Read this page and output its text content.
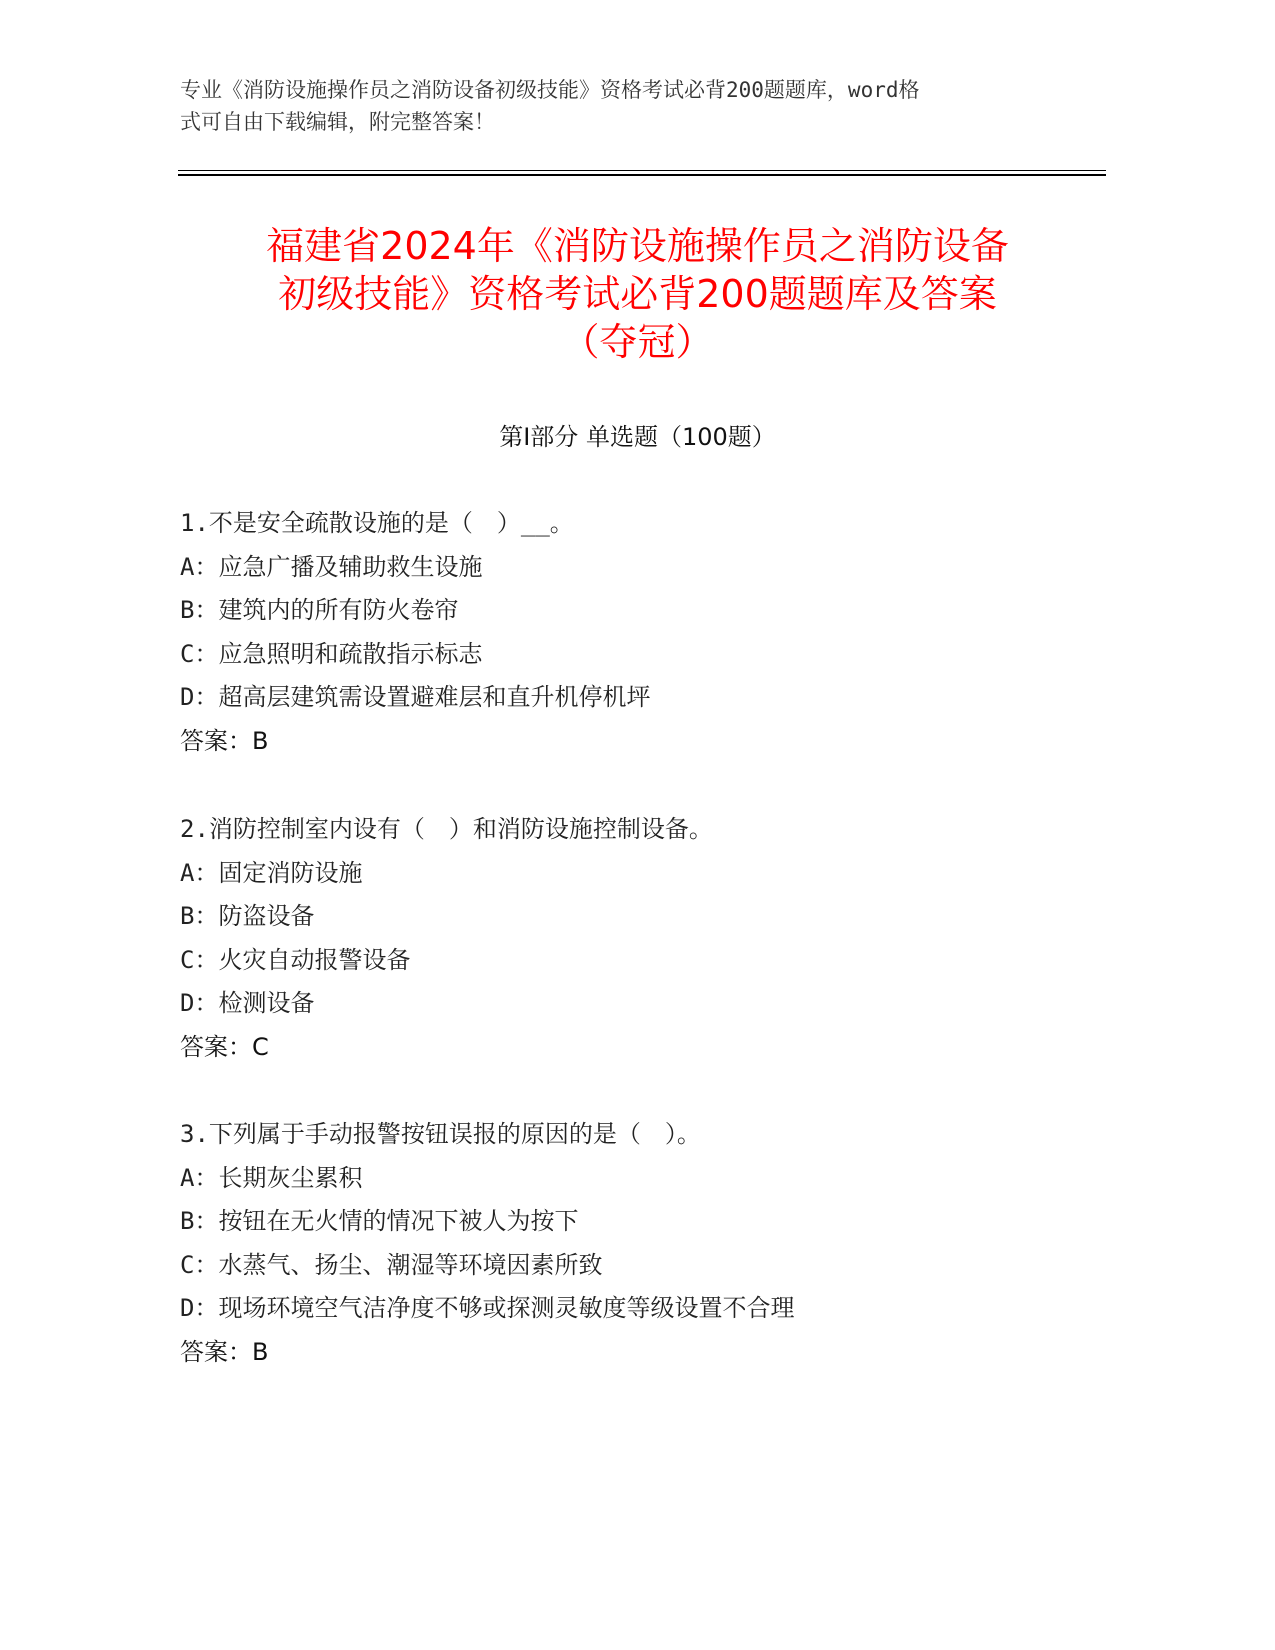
专业《消防设施操作员之消防设备初级技能》资格考试必背200题题库，word格
式可自由下载编辑，附完整答案！
福建省2024年《消防设施操作员之消防设备
初级技能》资格考试必背200题题库及答案
（夺冠）
第I部分 单选题（100题）
1.不是安全疏散设施的是（　）__。
A：应急广播及辅助救生设施
B：建筑内的所有防火卷帘
C：应急照明和疏散指示标志
D：超高层建筑需设置避难层和直升机停机坪
答案：B
2.消防控制室内设有（　）和消防设施控制设备。
A：固定消防设施
B：防盗设备
C：火灾自动报警设备
D：检测设备
答案：C
3.下列属于手动报警按钮误报的原因的是（　）。
A：长期灰尘累积
B：按钮在无火情的情况下被人为按下
C：水蒸气、扬尘、潮湿等环境因素所致
D：现场环境空气洁净度不够或探测灵敏度等级设置不合理
答案：B
